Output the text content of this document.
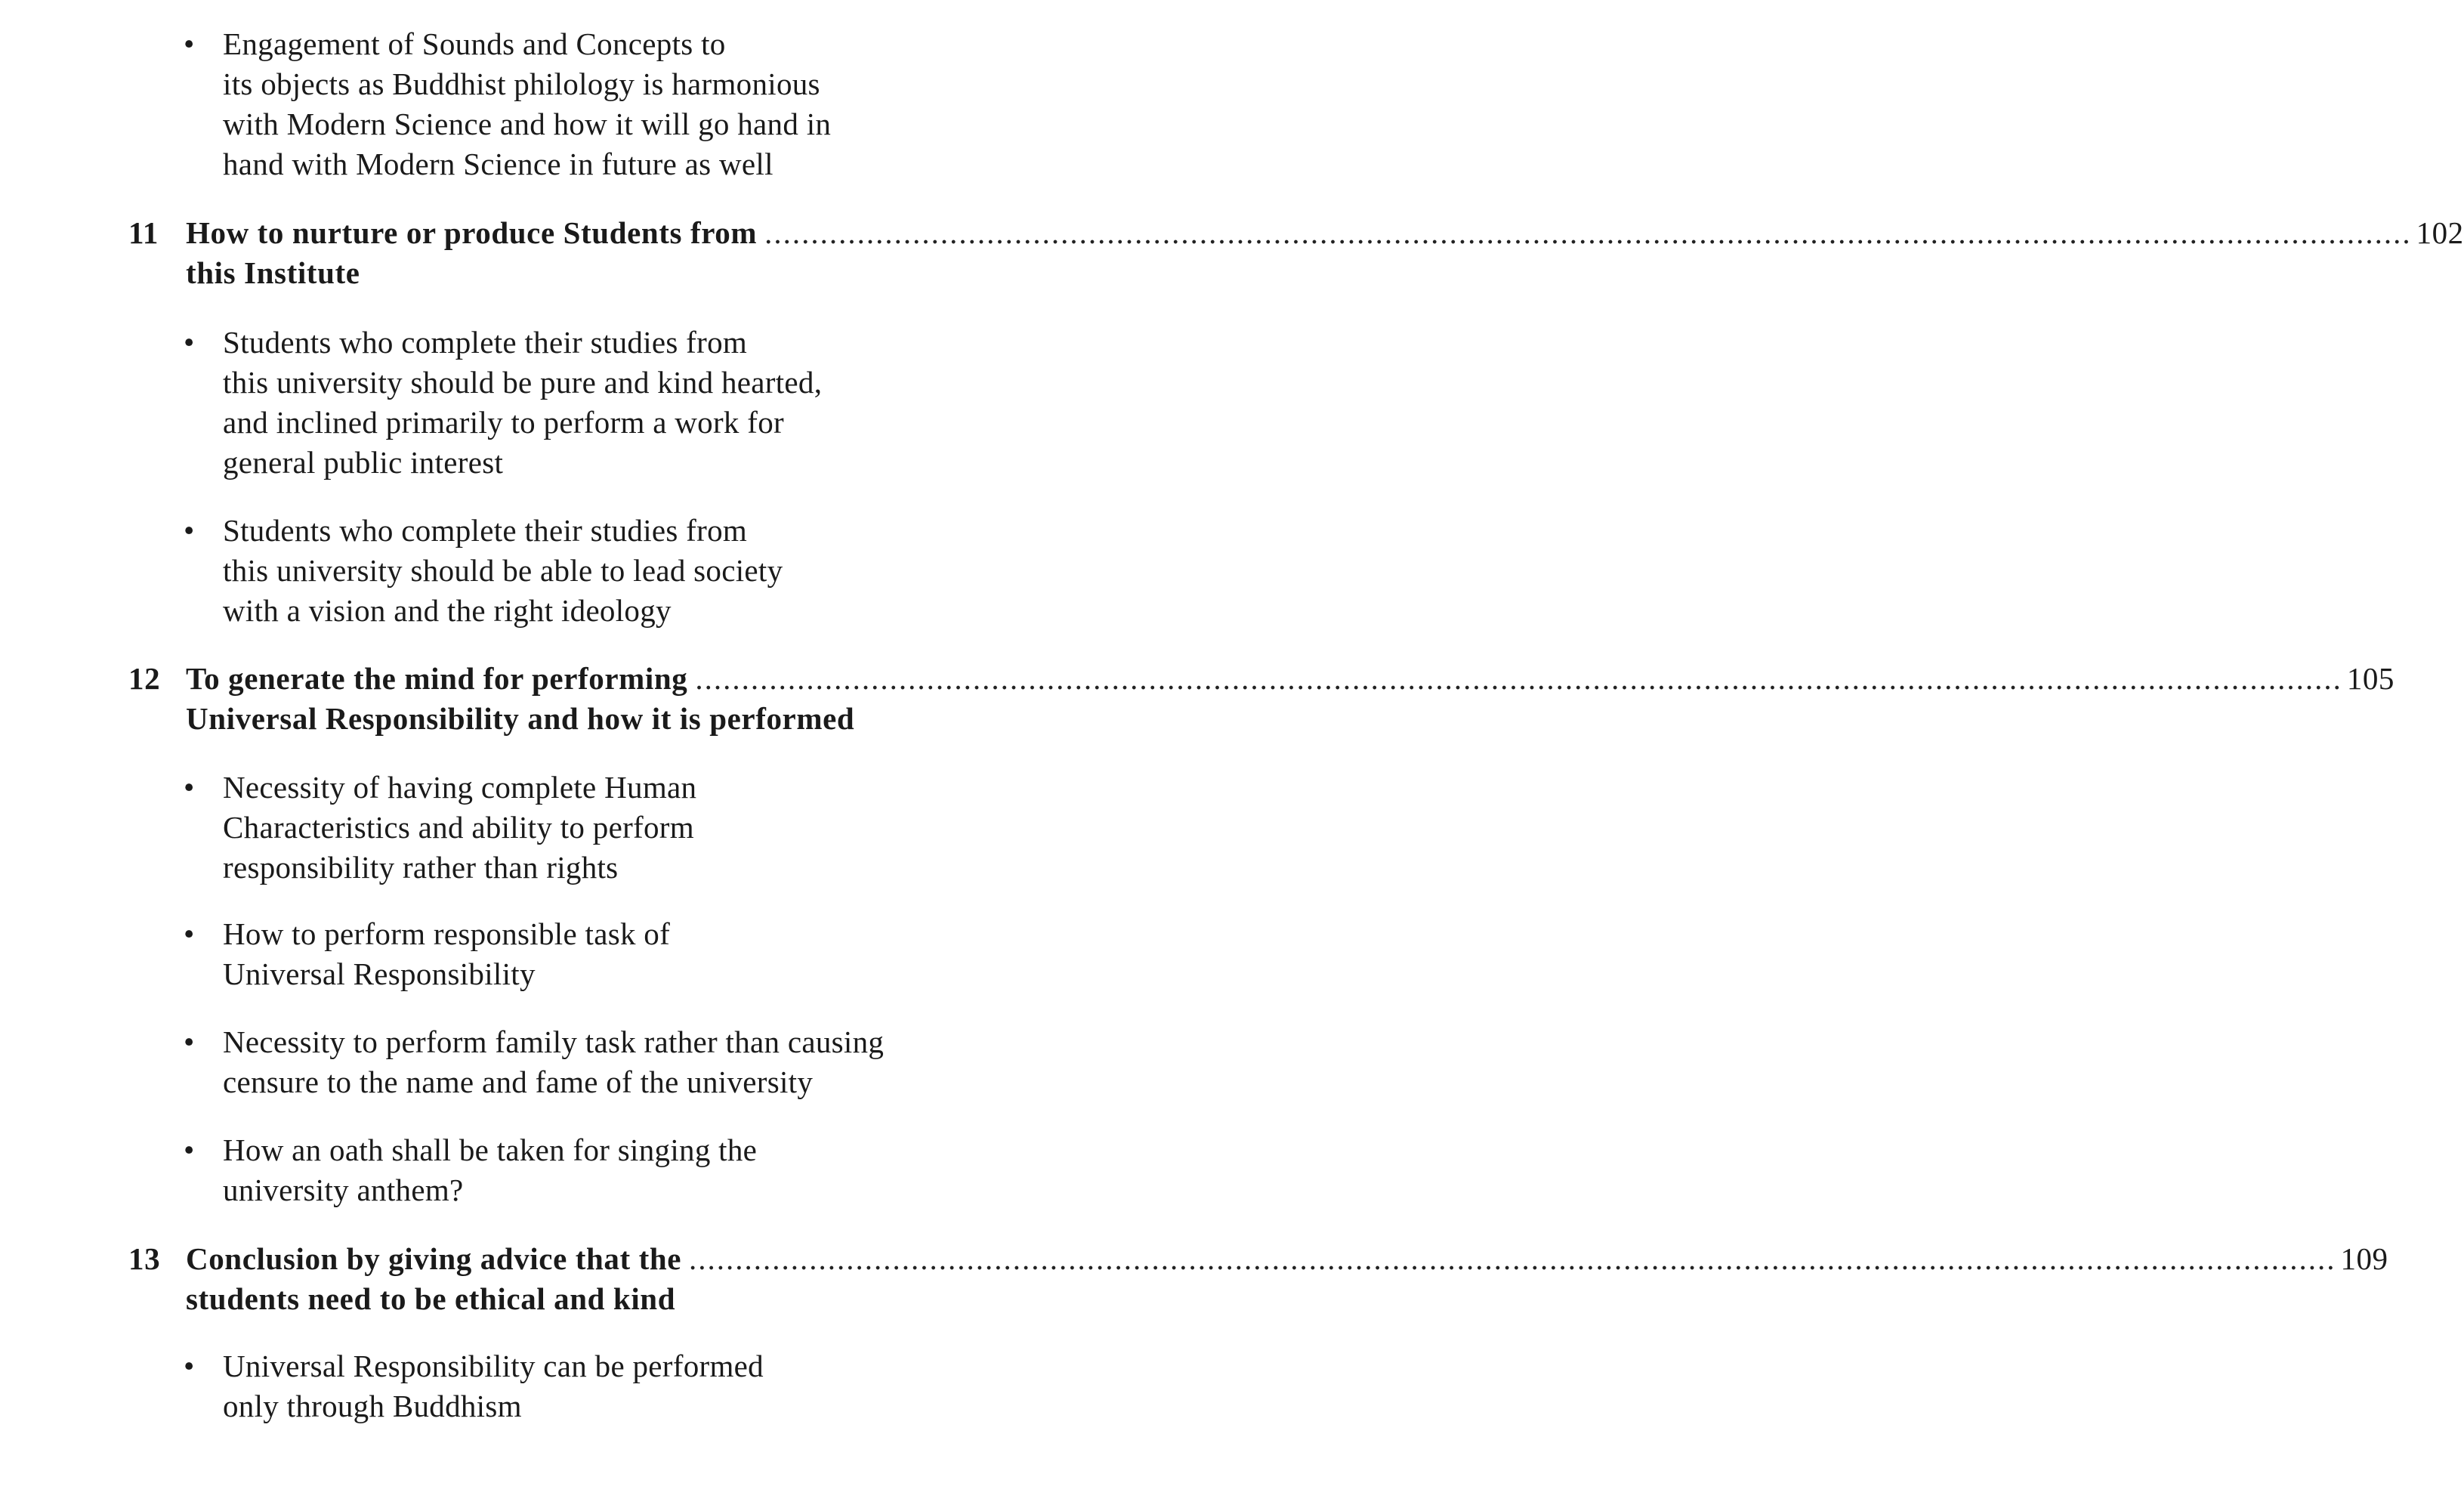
• Engagement of Sounds and Concepts to
its objects as Buddhist philology is harmonious
with Modern Science and how it will go hand in
hand with Modern Science in future as well
11 How to nurture or produce Students from .................................................................................................................................................................................. 102
this Institute
• Students who complete their studies from
this university should be pure and kind hearted,
and inclined primarily to perform a work for
general public interest
• Students who complete their studies from
this university should be able to lead society
with a vision and the right ideology
12 To generate the mind for performing .................................................................................................................................................................................. 105
Universal Responsibility and how it is performed
• Necessity of having complete Human
Characteristics and ability to perform
responsibility rather than rights
• How to perform responsible task of
Universal Responsibility
• Necessity to perform family task rather than causing
censure to the name and fame of the university
• How an oath shall be taken for singing the
university anthem?
13 Conclusion by giving advice that the .................................................................................................................................................................................. 109
students need to be ethical and kind
• Universal Responsibility can be performed
only through Buddhism
